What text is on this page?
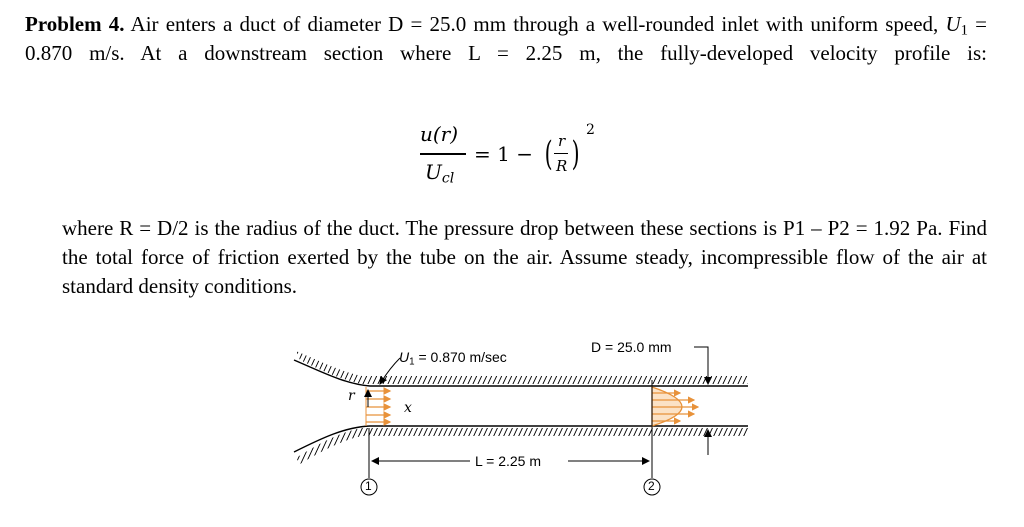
Problem 4. Air enters a duct of diameter D = 25.0 mm through a well-rounded inlet with uniform speed, $U_1 = 0.870$ m/s. At a downstream section where L = 2.25 m, the fully-developed velocity profile is:
u(r)
$U_{cl}$
= 1 − ( r
R )
2
where R = D/2 is the radius of the duct. The pressure drop between these sections is P1 – P2 = 1.92 Pa. Find the total force of friction exerted by the tube on the air. Assume steady, incompressible flow of the air at standard density conditions.
$U_1 = 0.870$ m/sec
D = 25.0 mm
L = 2.25 m
r
x
1	2
